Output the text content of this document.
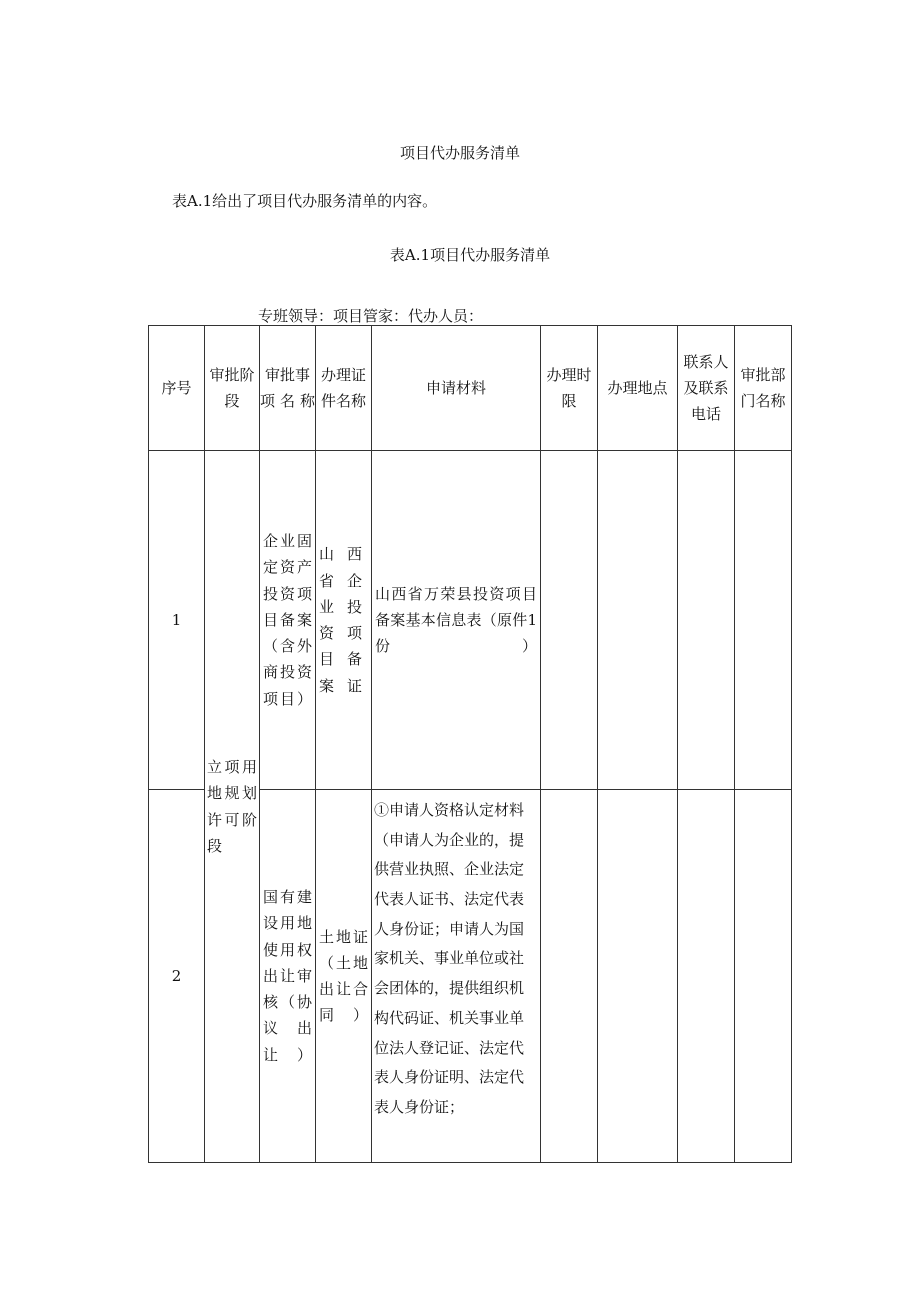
项目代办服务清单
表A.1给出了项目代办服务清单的内容。
表A.1项目代办服务清单
专班领导：项目管家：代办人员：
序号	审批阶段	审批事项名称	办理证件名称	申请材料	办理时限	办理地点	联系人及联系电话	审批部门名称
1	立项用地规划许可阶段	企业固定资产投资项目备案（含外商投资项目）	山西省企业投资项目备案证	山西省万荣县投资项目备案基本信息表（原件1份）				

2		国有建设用地使用权出让审核（协议出让）	土地证（土地出让合同）	①申请人资格认定材料（申请人为企业的，提供营业执照、企业法定代表人证书、法定代表人身份证；申请人为国家机关、事业单位或社会团体的，提供组织机构代码证、机关事业单位法人登记证、法定代表人身份证明、法定代表人身份证；				
